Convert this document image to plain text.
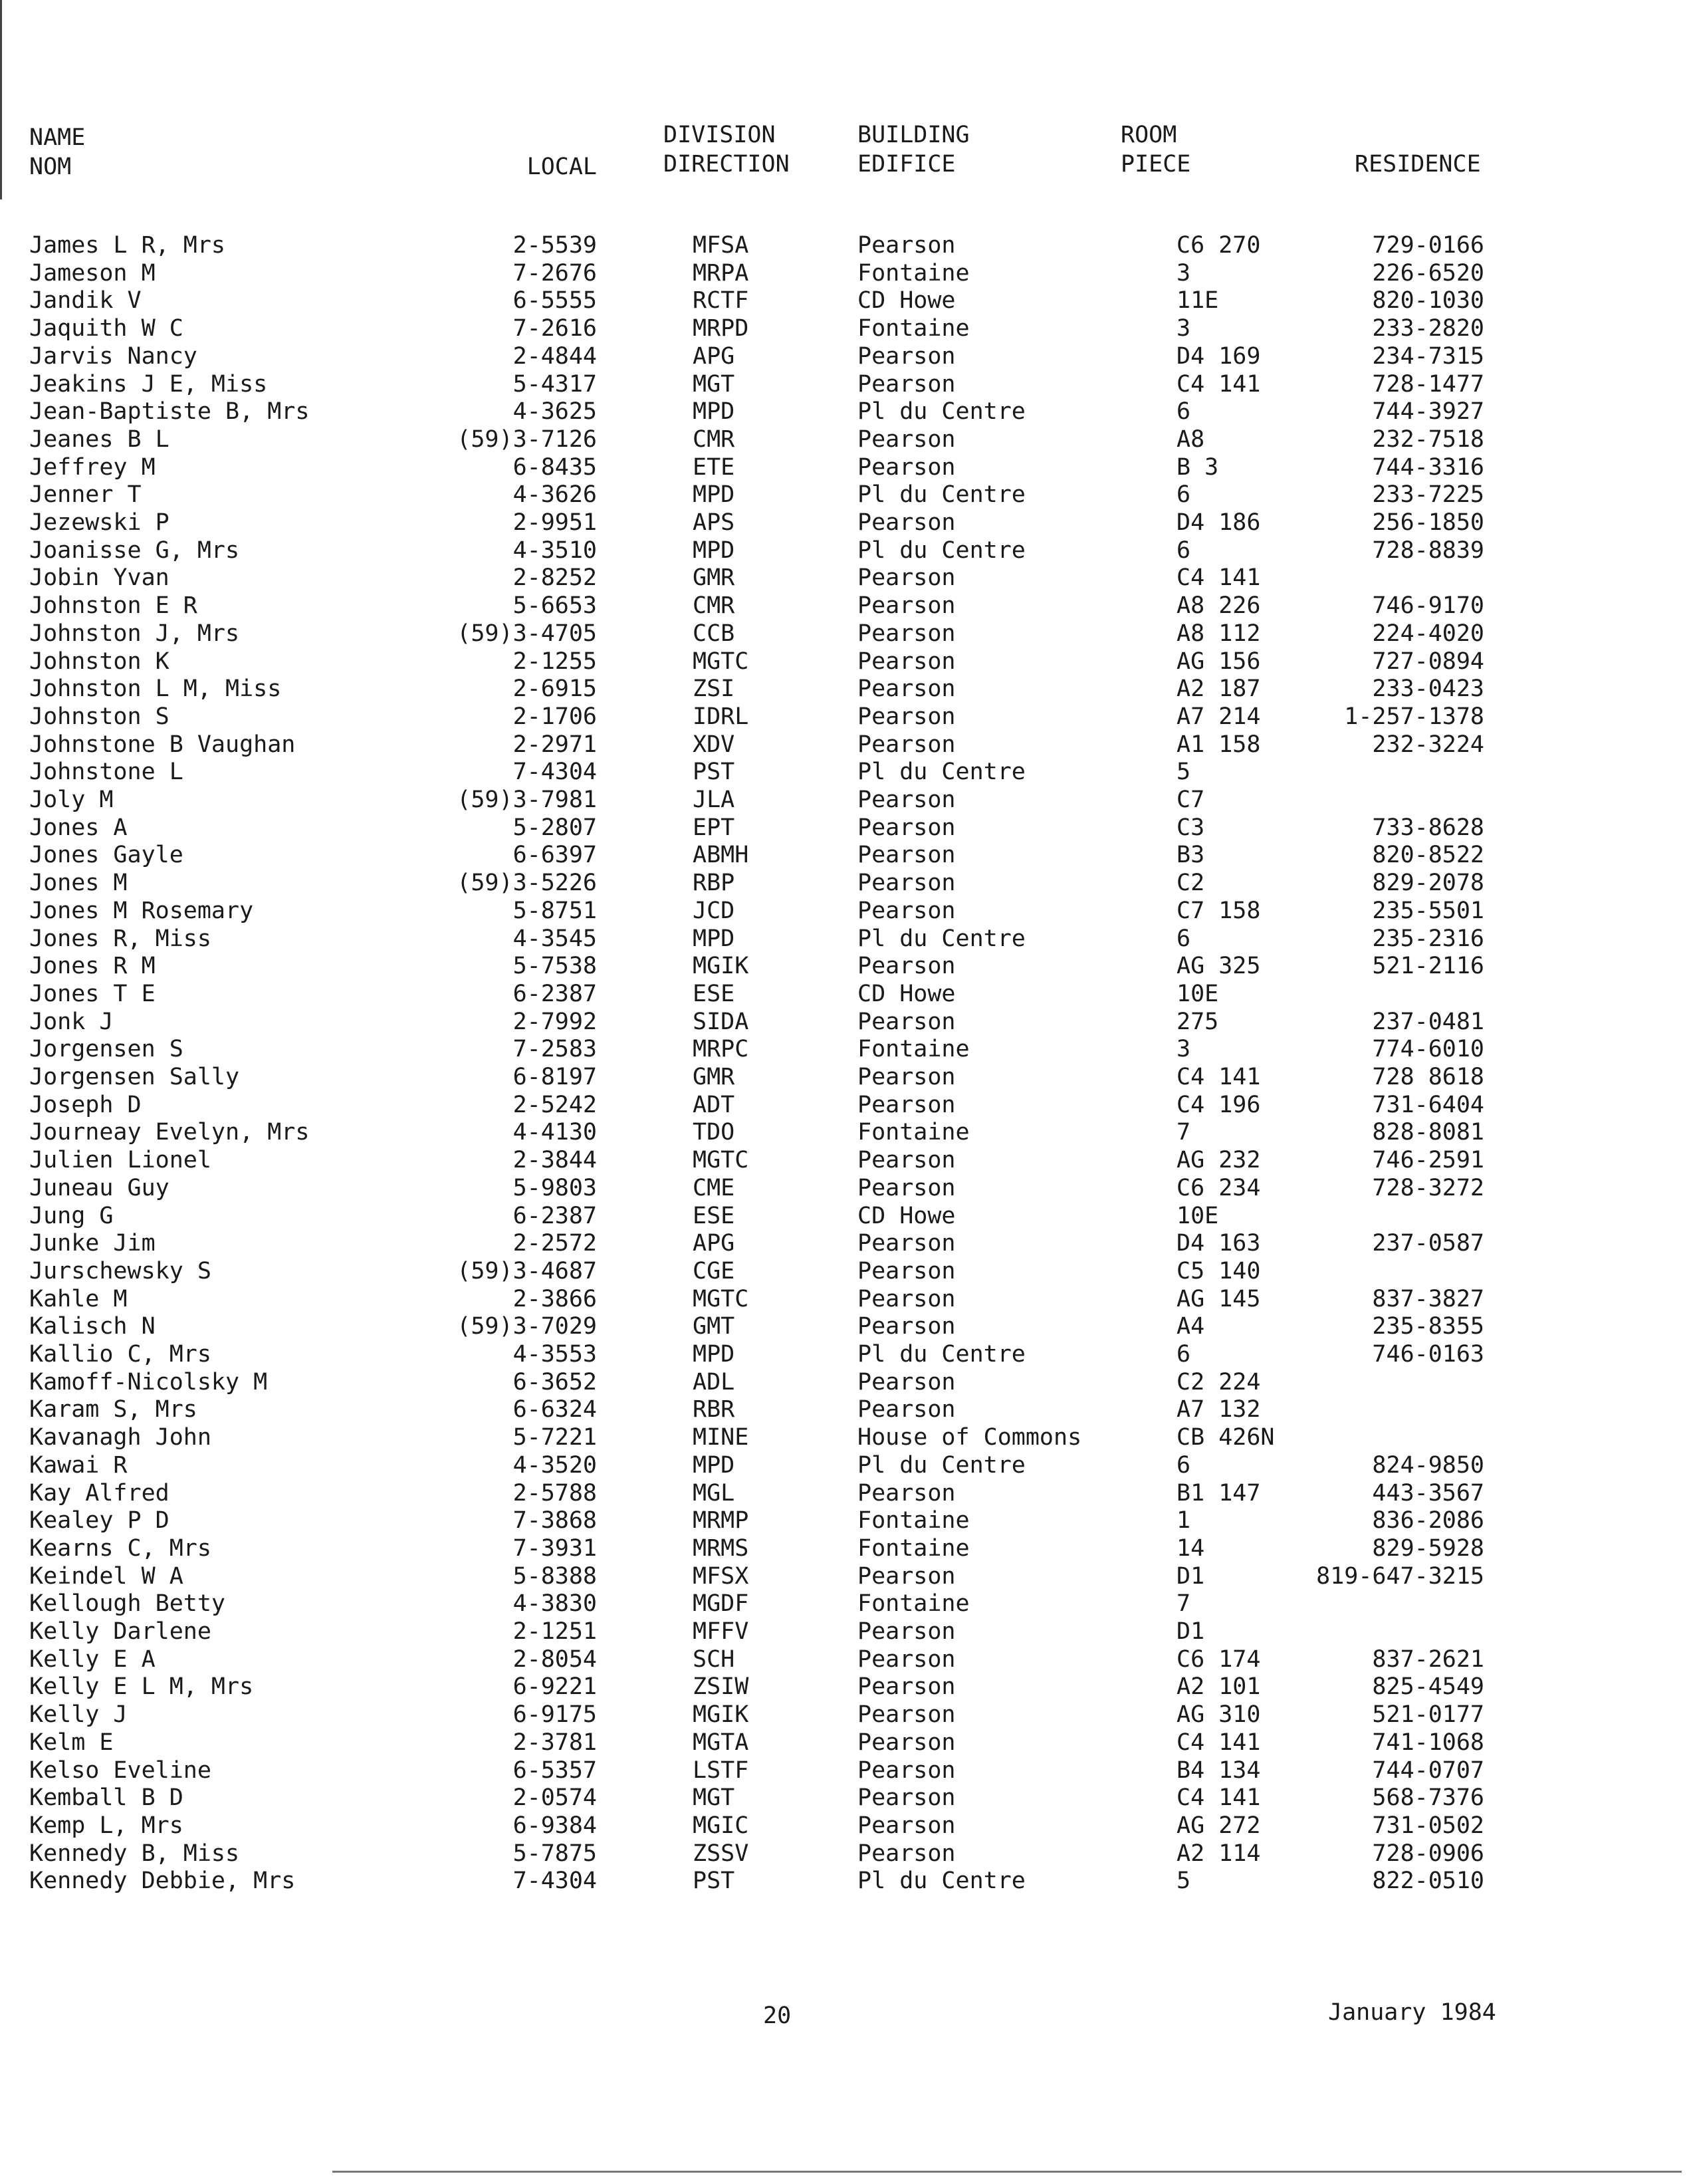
NAME
NOM	LOCAL
DIVISION
DIRECTION
BUILDING
EDIFICE
ROOM
PIECE	RESIDENCE
James L R, Mrs	2-5539	MFSA	Pearson	C6 270	729-0166
Jameson M	7-2676	MRPA	Fontaine	3	226-6520
Jandik V	6-5555	RCTF	CD Howe	11E	820-1030
Jaquith W C	7-2616	MRPD	Fontaine	3	233-2820
Jarvis Nancy	2-4844	APG	Pearson	D4 169	234-7315
Jeakins J E, Miss	5-4317	MGT	Pearson	C4 141	728-1477
Jean-Baptiste B, Mrs	4-3625	MPD	Pl du Centre	6	744-3927
Jeanes B L	(59)3-7126	CMR	Pearson	A8	232-7518
Jeffrey M	6-8435	ETE	Pearson	B 3	744-3316
Jenner T	4-3626	MPD	Pl du Centre	6	233-7225
Jezewski P	2-9951	APS	Pearson	D4 186	256-1850
Joanisse G, Mrs	4-3510	MPD	Pl du Centre	6	728-8839
Jobin Yvan	2-8252	GMR	Pearson	C4 141
Johnston E R	5-6653	CMR	Pearson	A8 226	746-9170
Johnston J, Mrs	(59)3-4705	CCB	Pearson	A8 112	224-4020
Johnston K	2-1255	MGTC	Pearson	AG 156	727-0894
Johnston L M, Miss	2-6915	ZSI	Pearson	A2 187	233-0423
Johnston S	2-1706	IDRL	Pearson	A7 214	1-257-1378
Johnstone B Vaughan	2-2971	XDV	Pearson	A1 158	232-3224
Johnstone L	7-4304	PST	Pl du Centre	5
Joly M	(59)3-7981	JLA	Pearson	C7
Jones A	5-2807	EPT	Pearson	C3	733-8628
Jones Gayle	6-6397	ABMH	Pearson	B3	820-8522
Jones M	(59)3-5226	RBP	Pearson	C2	829-2078
Jones M Rosemary	5-8751	JCD	Pearson	C7 158	235-5501
Jones R, Miss	4-3545	MPD	Pl du Centre	6	235-2316
Jones R M	5-7538	MGIK	Pearson	AG 325	521-2116
Jones T E	6-2387	ESE	CD Howe	10E
Jonk J	2-7992	SIDA	Pearson	275	237-0481
Jorgensen S	7-2583	MRPC	Fontaine	3	774-6010
Jorgensen Sally	6-8197	GMR	Pearson	C4 141	728 8618
Joseph D	2-5242	ADT	Pearson	C4 196	731-6404
Journeay Evelyn, Mrs	4-4130	TDO	Fontaine	7	828-8081
Julien Lionel	2-3844	MGTC	Pearson	AG 232	746-2591
Juneau Guy	5-9803	CME	Pearson	C6 234	728-3272
Jung G	6-2387	ESE	CD Howe	10E
Junke Jim	2-2572	APG	Pearson	D4 163	237-0587
Jurschewsky S	(59)3-4687	CGE	Pearson	C5 140
Kahle M	2-3866	MGTC	Pearson	AG 145	837-3827
Kalisch N	(59)3-7029	GMT	Pearson	A4	235-8355
Kallio C, Mrs	4-3553	MPD	Pl du Centre	6	746-0163
Kamoff-Nicolsky M	6-3652	ADL	Pearson	C2 224
Karam S, Mrs	6-6324	RBR	Pearson	A7 132
Kavanagh John	5-7221	MINE	House of Commons	CB 426N
Kawai R	4-3520	MPD	Pl du Centre	6	824-9850
Kay Alfred	2-5788	MGL	Pearson	B1 147	443-3567
Kealey P D	7-3868	MRMP	Fontaine	1	836-2086
Kearns C, Mrs	7-3931	MRMS	Fontaine	14	829-5928
Keindel W A	5-8388	MFSX	Pearson	D1	819-647-3215
Kellough Betty	4-3830	MGDF	Fontaine	7
Kelly Darlene	2-1251	MFFV	Pearson	D1
Kelly E A	2-8054	SCH	Pearson	C6 174	837-2621
Kelly E L M, Mrs	6-9221	ZSIW	Pearson	A2 101	825-4549
Kelly J	6-9175	MGIK	Pearson	AG 310	521-0177
Kelm E	2-3781	MGTA	Pearson	C4 141	741-1068
Kelso Eveline	6-5357	LSTF	Pearson	B4 134	744-0707
Kemball B D	2-0574	MGT	Pearson	C4 141	568-7376
Kemp L, Mrs	6-9384	MGIC	Pearson	AG 272	731-0502
Kennedy B, Miss	5-7875	ZSSV	Pearson	A2 114	728-0906
Kennedy Debbie, Mrs	7-4304	PST	Pl du Centre	5	822-0510
20	January 1984
